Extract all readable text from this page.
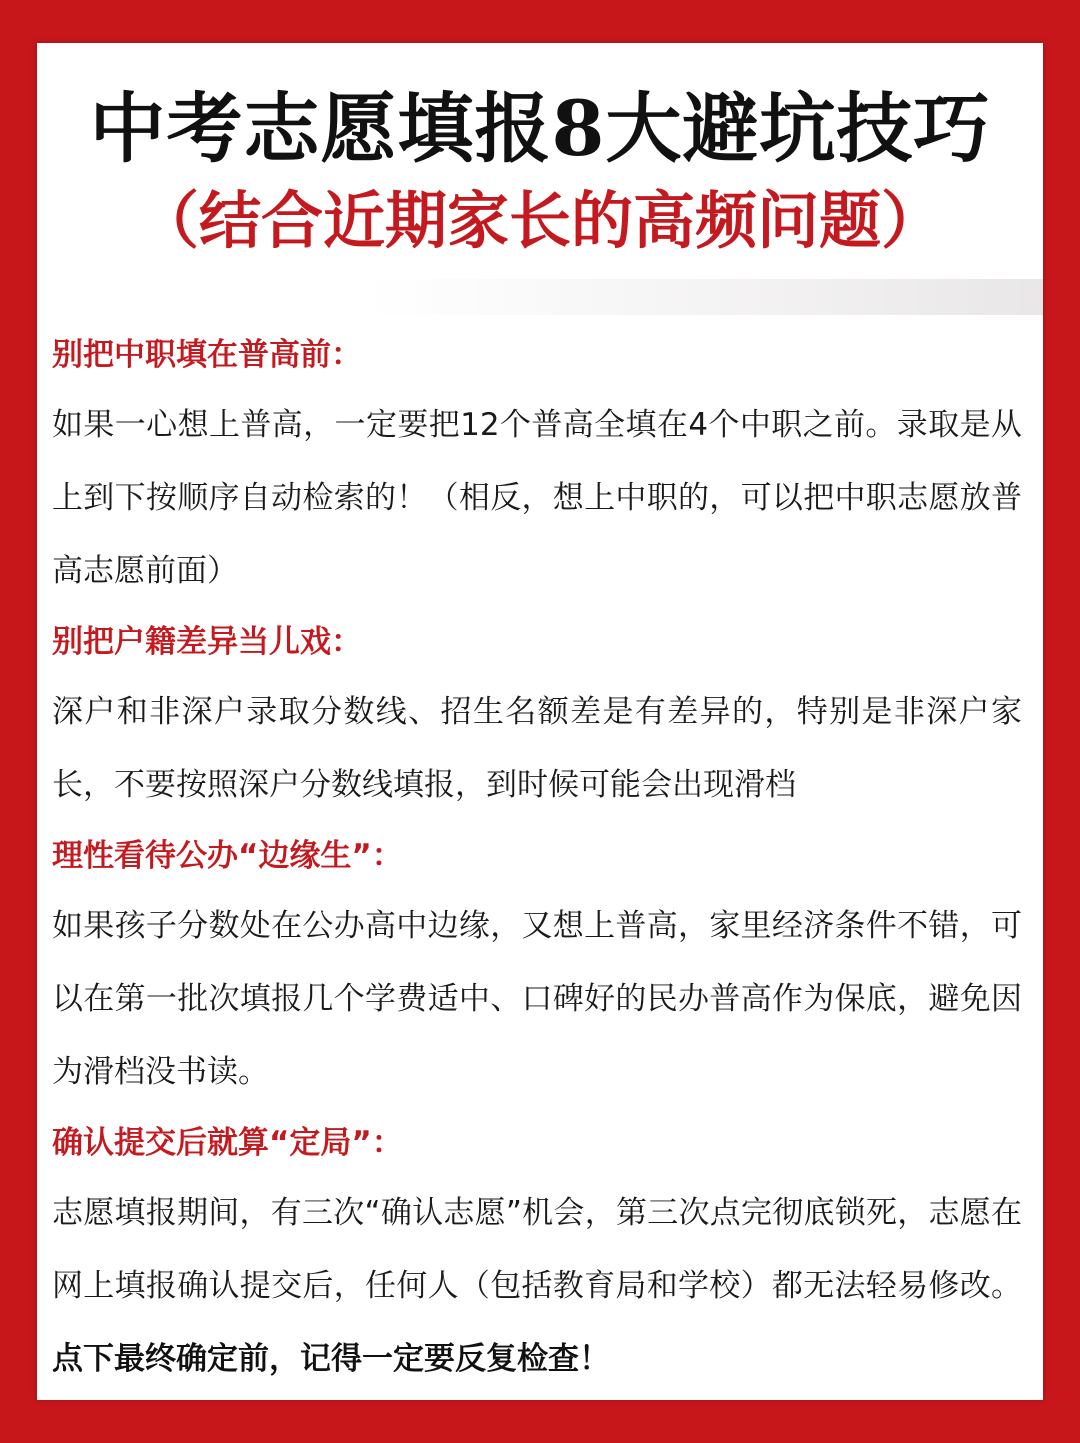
中考志愿填报8大避坑技巧
（结合近期家长的高频问题）
别把中职填在普高前：
如果一心想上普高，一定要把12个普高全填在4个中职之前。录取是从上到下按顺序自动检索的！（相反，想上中职的，可以把中职志愿放普高志愿前面）
别把户籍差异当儿戏：
深户和非深户录取分数线、招生名额差是有差异的，特别是非深户家长，不要按照深户分数线填报，到时候可能会出现滑档
理性看待公办“边缘生”：
如果孩子分数处在公办高中边缘，又想上普高，家里经济条件不错，可以在第一批次填报几个学费适中、口碑好的民办普高作为保底，避免因为滑档没书读。
确认提交后就算“定局”：
志愿填报期间，有三次“确认志愿”机会，第三次点完彻底锁死，志愿在网上填报确认提交后，任何人（包括教育局和学校）都无法轻易修改。点下最终确定前，记得一定要反复检查！
